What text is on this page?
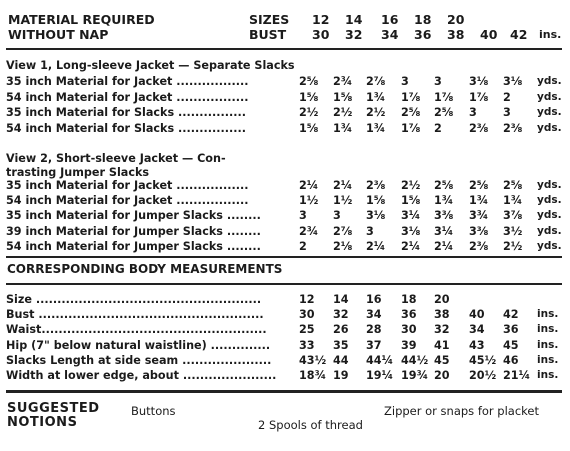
MATERIAL REQUIRED
WITHOUT NAP
SIZES
BUST
12 14 16 18 20
30 32 34 36 38 40 42 ins.
View 1, Long-sleeve Jacket — Separate Slacks
35 inch Material for Jacket .................	2⅝ 2¾ 2⅞ 3 3 3⅛ 3⅛ yds.
54 inch Material for Jacket .................	1⅝ 1⅝ 1¾ 1⅞ 1⅞ 1⅞ 2 yds.
35 inch Material for Slacks ................	2½ 2½ 2½ 2⅝ 2⅝ 3 3 yds.
54 inch Material for Slacks ................	1⅝ 1¾ 1¾ 1⅞ 2 2⅜ 2⅜ yds.
View 2, Short-sleeve Jacket — Con-
trasting Jumper Slacks
35 inch Material for Jacket .................	2¼ 2¼ 2⅜ 2½ 2⅝ 2⅝ 2⅝ yds.
54 inch Material for Jacket .................	1½ 1½ 1⅝ 1⅝ 1¾ 1¾ 1¾ yds.
35 inch Material for Jumper Slacks ........	3 3 3⅛ 3¼ 3⅜ 3¾ 3⅞ yds.
39 inch Material for Jumper Slacks ........	2¾ 2⅞ 3 3⅛ 3¼ 3⅜ 3½ yds.
54 inch Material for Jumper Slacks ........	2 2⅛ 2¼ 2¼ 2¼ 2⅜ 2½ yds.
CORRESPONDING BODY MEASUREMENTS
Size .....................................................	12 14 16 18 20
Bust .....................................................	30 32 34 36 38 40 42 ins.
Waist.....................................................	25 26 28 30 32 34 36 ins.
Hip (7" below natural waistline) ..............	33 35 37 39 41 43 45 ins.
Slacks Length at side seam ..................... 43½ 44 44¼ 44½ 45 45½ 46 ins.
Width at lower edge, about ...................... 18¾ 19 19¼ 19¾ 20 20½ 21¼ ins.
SUGGESTED
NOTIONS
Buttons	Zipper or snaps for placket
2 Spools of thread
